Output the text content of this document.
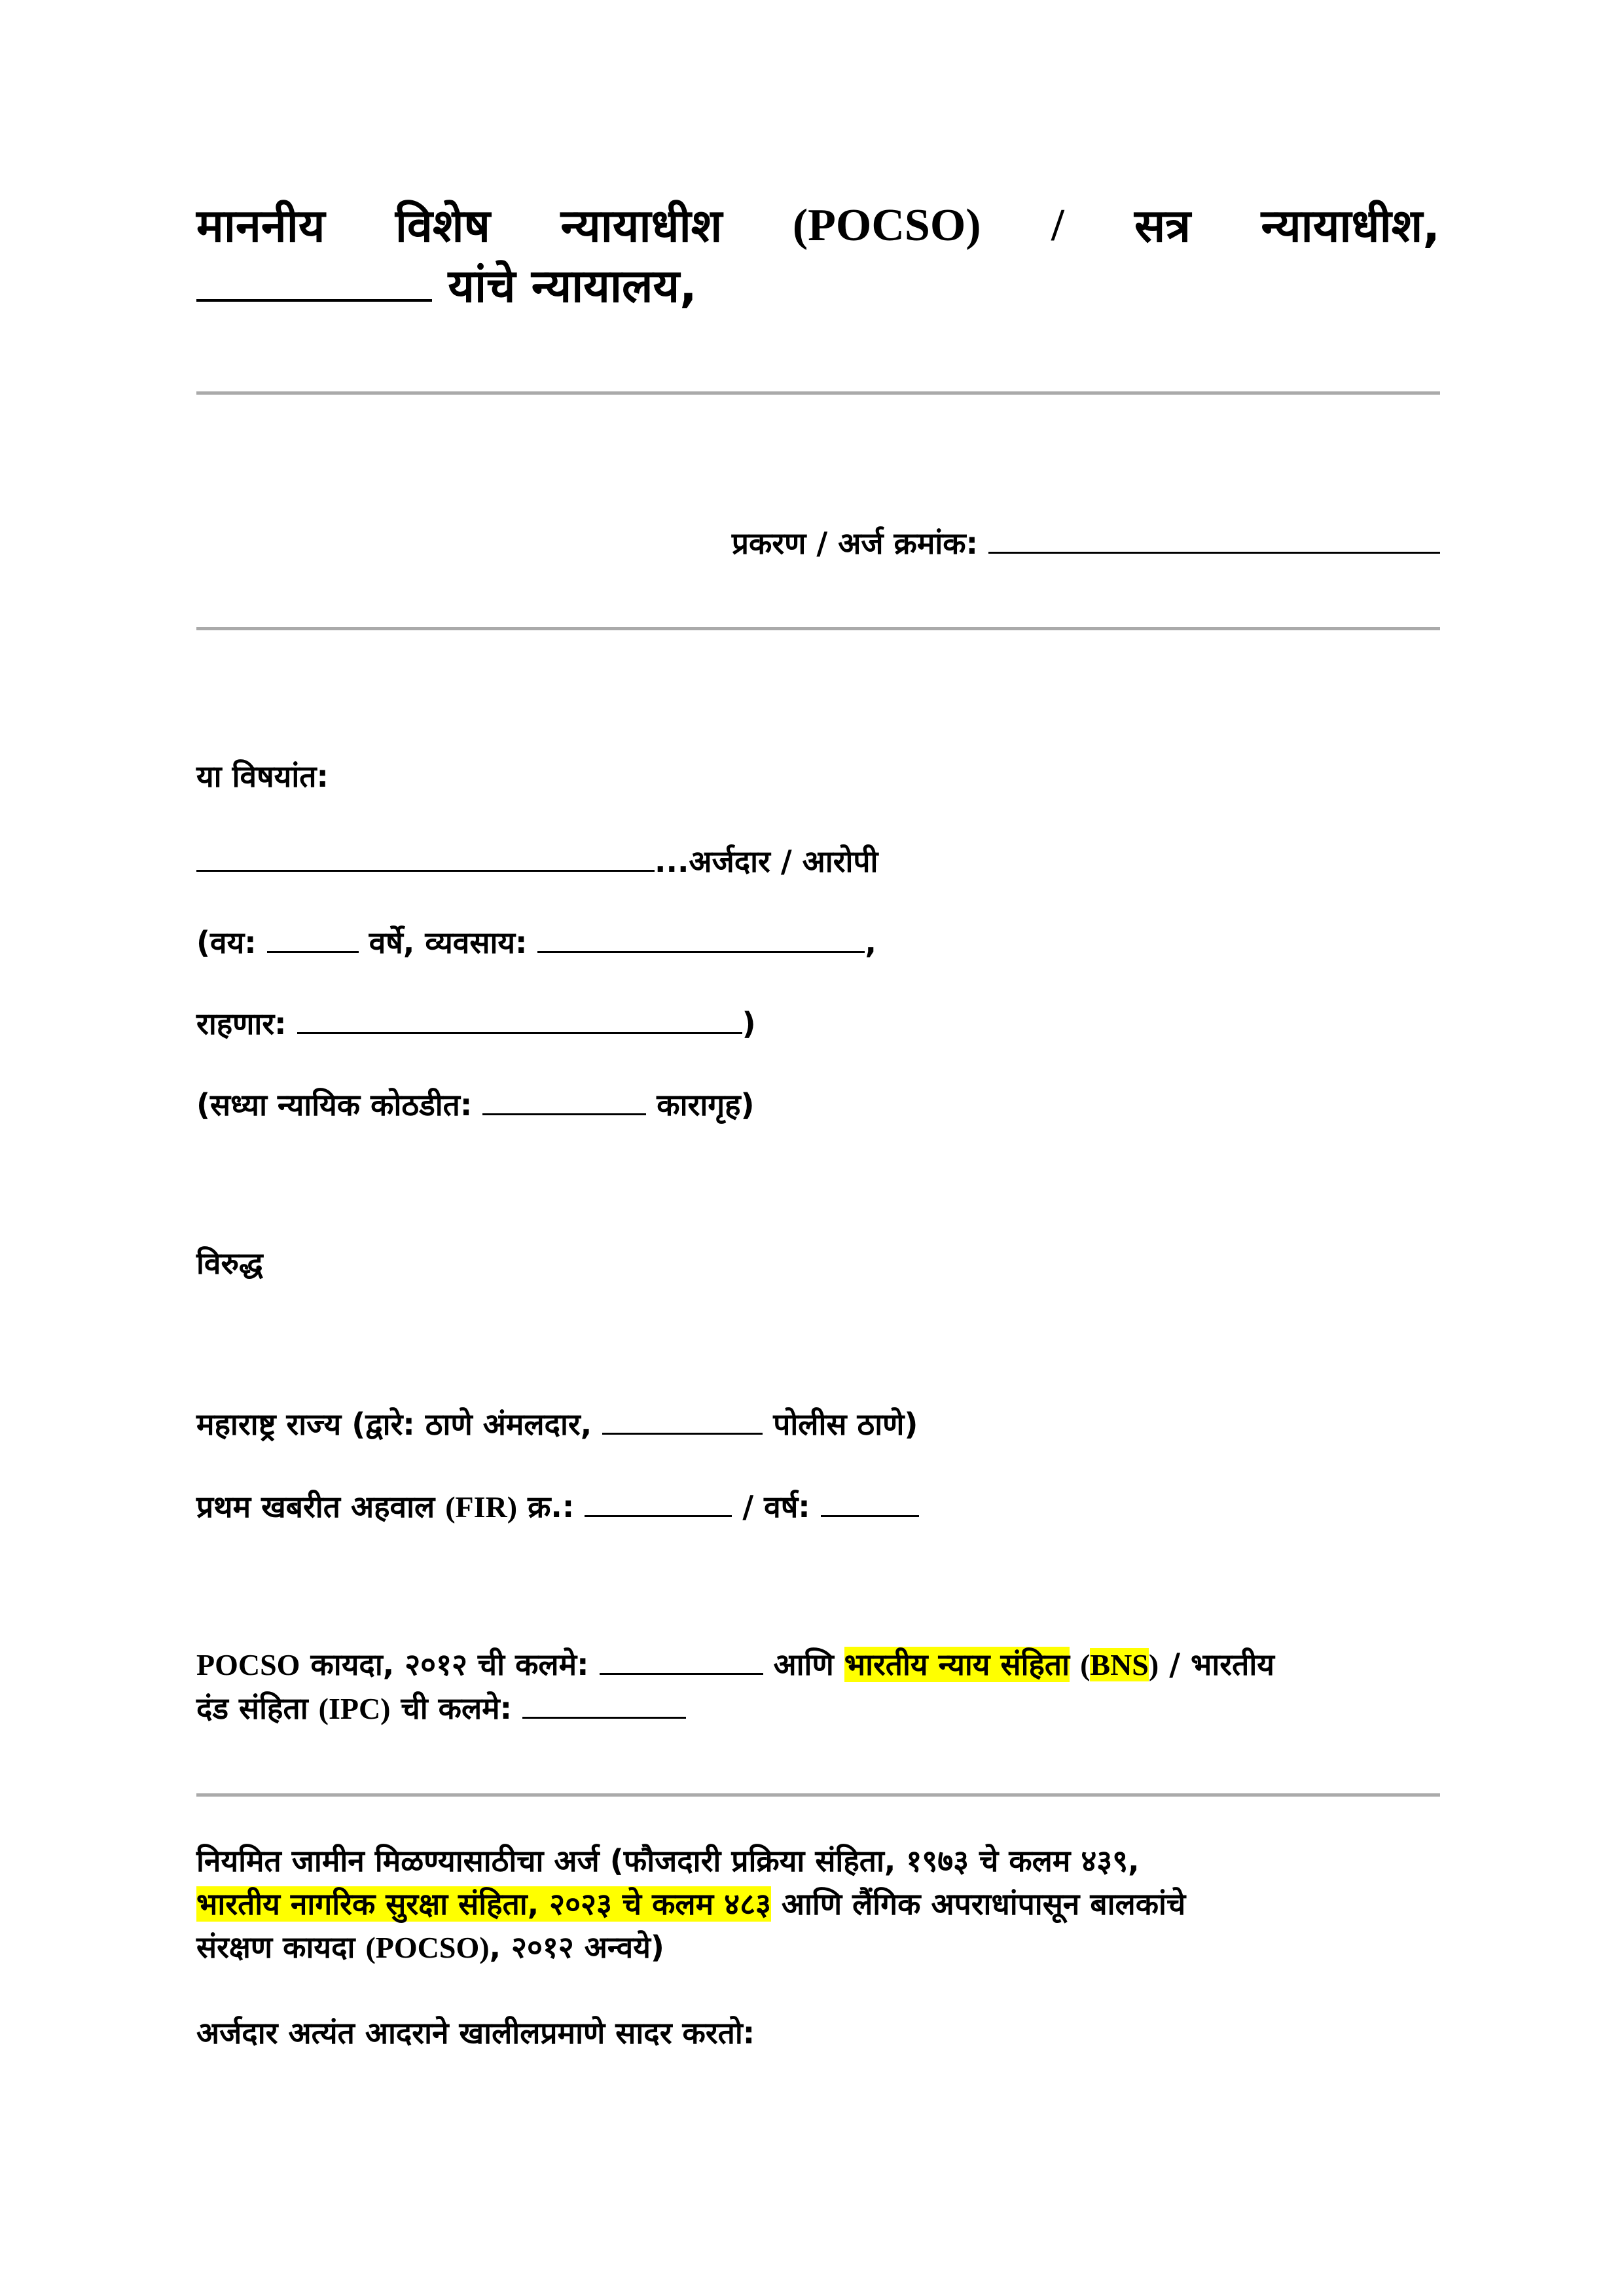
माननीय विशेष न्यायाधीश (POCSO) / सत्र न्यायाधीश,
यांचे न्यायालय,
प्रकरण / अर्ज क्रमांक:
या विषयांत:
...अर्जदार / आरोपी
(वय:	वर्षे, व्यवसाय:	,
राहणार:	)
(सध्या न्यायिक कोठडीत:	कारागृह)
विरुद्ध
महाराष्ट्र राज्य (द्वारे: ठाणे अंमलदार,	पोलीस ठाणे)
प्रथम खबरीत अहवाल (FIR) क्र.:	/ वर्ष:
POCSO कायदा, २०१२ ची कलमे:	आणि भारतीय न्याय संहिता (BNS) / भारतीय
दंड संहिता (IPC) ची कलमे:
नियमित जामीन मिळण्यासाठीचा अर्ज (फौजदारी प्रक्रिया संहिता, १९७३ चे कलम ४३९,
भारतीय नागरिक सुरक्षा संहिता, २०२३ चे कलम ४८३ आणि लैंगिक अपराधांपासून बालकांचे
संरक्षण कायदा (POCSO), २०१२ अन्वये)
अर्जदार अत्यंत आदराने खालीलप्रमाणे सादर करतो:
